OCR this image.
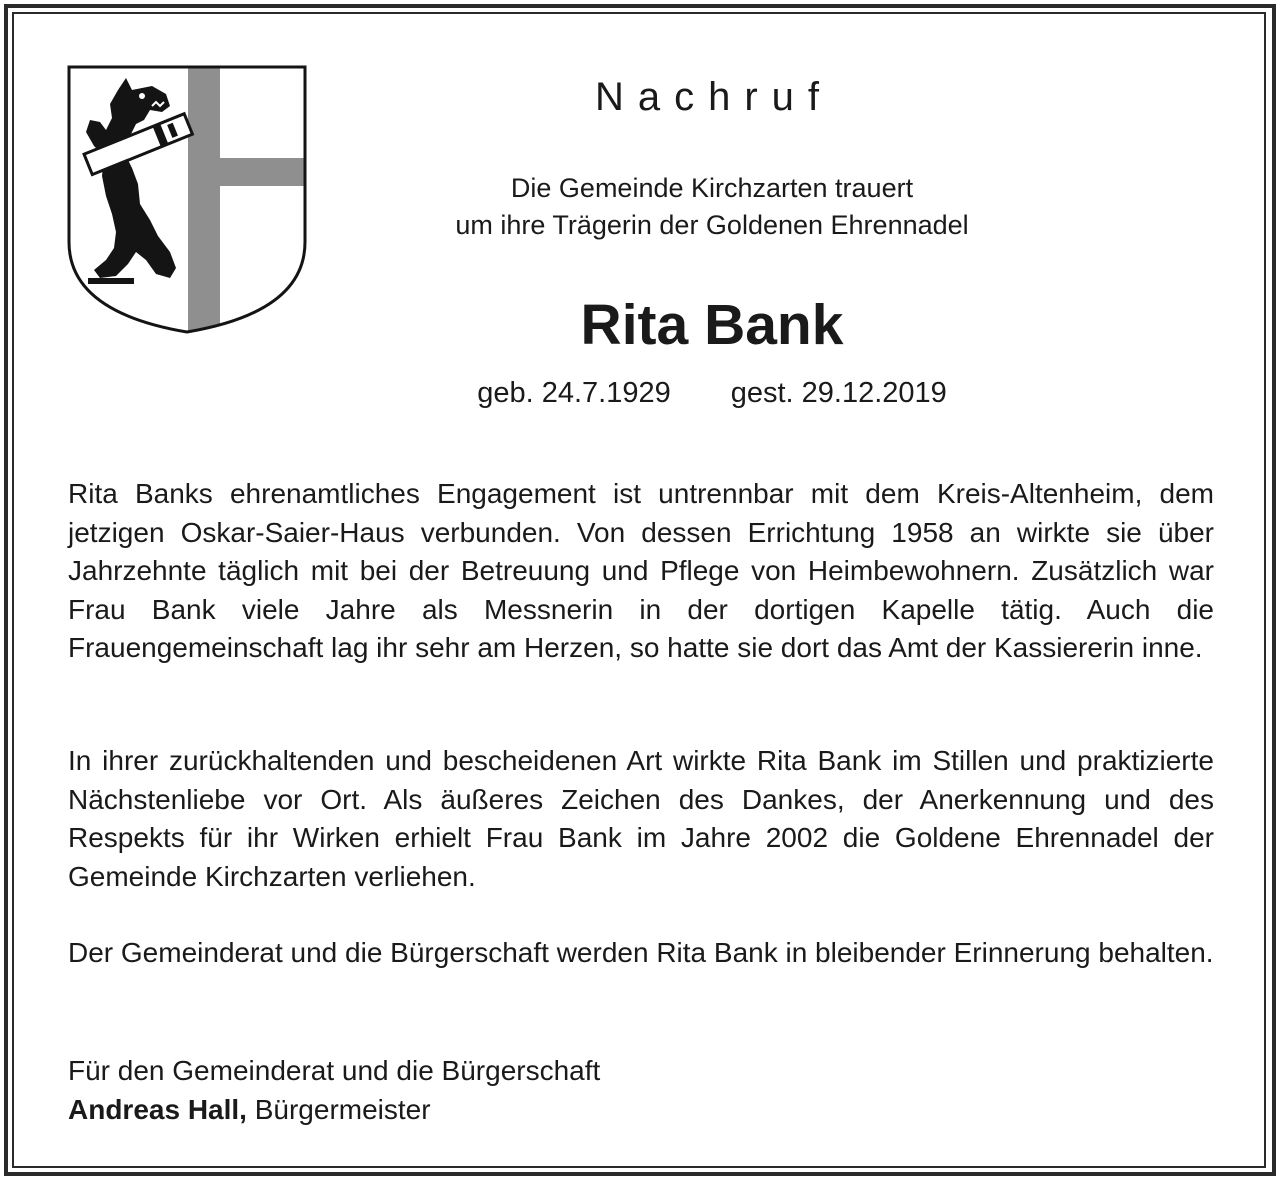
Nachruf
Die Gemeinde Kirchzarten trauert
um ihre Trägerin der Goldenen Ehrennadel
Rita Bank
geb. 24.7.1929 gest. 29.12.2019
Rita Banks ehrenamtliches Engagement ist untrennbar mit dem Kreis-Altenheim, dem jetzigen Oskar-Saier-Haus verbunden. Von dessen Errichtung 1958 an wirkte sie über Jahrzehnte täglich mit bei der Betreuung und Pflege von Heimbewohnern. Zusätzlich war Frau Bank viele Jahre als Messnerin in der dortigen Kapelle tätig. Auch die Frauengemeinschaft lag ihr sehr am Herzen, so hatte sie dort das Amt der Kassiererin inne.
In ihrer zurückhaltenden und bescheidenen Art wirkte Rita Bank im Stillen und praktizierte Nächstenliebe vor Ort. Als äußeres Zeichen des Dankes, der Anerkennung und des Respekts für ihr Wirken erhielt Frau Bank im Jahre 2002 die Goldene Ehrennadel der Gemeinde Kirchzarten verliehen.
Der Gemeinderat und die Bürgerschaft werden Rita Bank in bleibender Erinnerung behalten.
Für den Gemeinderat und die Bürgerschaft
Andreas Hall, Bürgermeister
